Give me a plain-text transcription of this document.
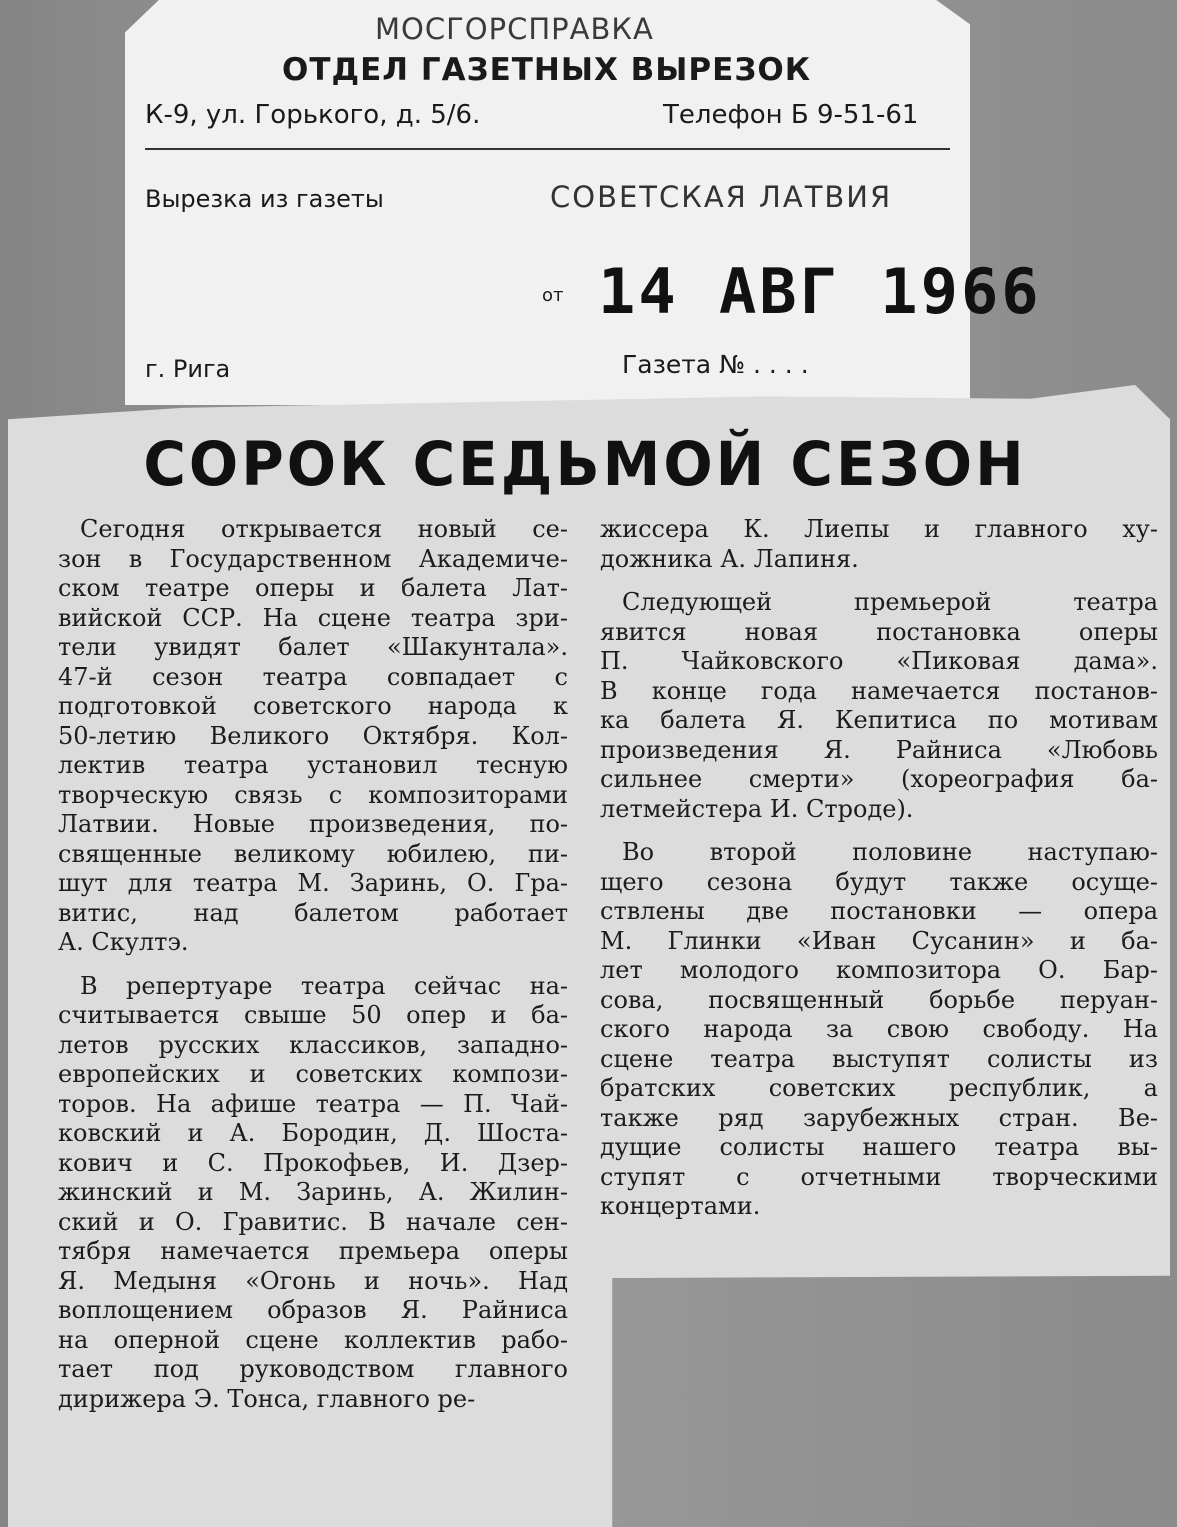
МОСГОРСПРАВКА

ОТДЕЛ ГАЗЕТНЫХ ВЫРЕЗОК

К-9, ул. Горького, д. 5/6.	Телефон Б 9-51-61

Вырезка из газеты	СОВЕТСКАЯ ЛАТВИЯ

от 14 АВГ 1966

г. Рига	Газета № . . . .

СОРОК СЕДЬМОЙ СЕЗОН
Сегодня открывается новый се-
зон в Государственном Академиче-
ском театре оперы и балета Лат-
вийской ССР. На сцене театра зри-
тели увидят балет «Шакунтала».
47-й сезон театра совпадает с
подготовкой советского народа к
50-летию Великого Октября. Кол-
лектив театра установил тесную
творческую связь с композиторами
Латвии. Новые произведения, по-
священные великому юбилею, пи-
шут для театра М. Заринь, О. Гра-
витис, над балетом работает
А. Скултэ.
В репертуаре театра сейчас на-
считывается свыше 50 опер и ба-
летов русских классиков, западно-
европейских и советских компози-
торов. На афише театра — П. Чай-
ковский и А. Бородин, Д. Шоста-
кович и С. Прокофьев, И. Дзер-
жинский и М. Заринь, А. Жилин-
ский и О. Гравитис. В начале сен-
тября намечается премьера оперы
Я. Медыня «Огонь и ночь». Над
воплощением образов Я. Райниса
на оперной сцене коллектив рабо-
тает под руководством главного
дирижера Э. Тонса, главного ре-
жиссера К. Лиепы и главного ху-
дожника А. Лапиня.
Следующей премьерой театра
явится новая постановка оперы
П. Чайковского «Пиковая дама».
В конце года намечается постанов-
ка балета Я. Кепитиса по мотивам
произведения Я. Райниса «Любовь
сильнее смерти» (хореография ба-
летмейстера И. Строде).
Во второй половине наступаю-
щего сезона будут также осуще-
ствлены две постановки — опера
М. Глинки «Иван Сусанин» и ба-
лет молодого композитора О. Бар-
сова, посвященный борьбе перуан-
ского народа за свою свободу. На
сцене театра выступят солисты из
братских советских республик, а
также ряд зарубежных стран. Ве-
дущие солисты нашего театра вы-
ступят с отчетными творческими
концертами.
